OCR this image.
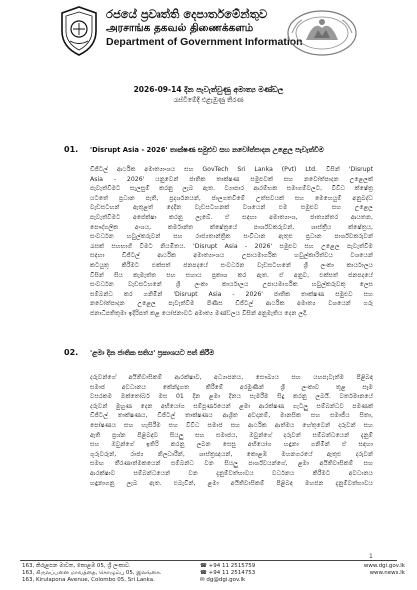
රජයේ ප්‍රවෘත්ති දෙපාර්තමේන්තුව
அரசாங்க தகவல் திணைக்களம்
Department of Government Information
2026-09-14 දින පැවැත්වුණු අමාත්‍ය මණ්ඩල
රැස්වීමේදී එළැඹුණු තීරණ
01. 'Disrupt Asia - 2026' තාක්ෂණ සමුළුව සහ නවෝත්පාදන උළෙල පැවැත්වීම
ඩිජිටල් ආර්ථික අමාත්‍යාංශය සහ GovTech Sri Lanka (Pvt) Ltd. විසින් 'Disrupt
Asia - 2026' යනුවෙන් ජාතික තාක්ෂණ සමුළුවක් සහ නවෝත්පාදන උළෙලක්
පැවැත්වීමට සැලසුම් කරනු ලැබ ඇත. ව්‍යාපාර ආරම්භක සමාගම්වලට, විවිධ ක්ෂේත්‍ර
යටතේ ප්‍රධාන පැති, ප්‍රදර්ශනයන්, ජාලගතවීමේ උත්සවයක් සහ මෙහෙයුම් අනුබද්ධ
වැඩසටහන් ඇතුළත් දෙදින වැඩසටහනක් වශයෙන් එම සමුළුව සහ උළෙල
පැවැත්වීමට අපේක්ෂා කරනු ලැබේ. ඒ සඳහා අමාත්‍යාංශ, ජාත්‍යන්තර ආයතන,
පෞද්ගලික අංශය, කර්මාන්ත ක්ෂේත්‍රයේ පාර්ශ්වකරුවන්, ශාස්ත්‍රීය ක්ෂේත්‍රය,
සංවර්ධන හවුල්කරුවන් සහ රාජ්‍යතාන්ත්‍රික සංවිධාන ඇතුළු ප්‍රධාන පාර්ශ්වකරුවන්
රැසක් සහභාගි වීමට නියමිතය. 'Disrupt Asia - 2026' සමුළුව සහ උළෙල පැවැත්වීම
සඳහා ඩිජිටල් ආර්ථික අමාත්‍යාංශය උපායමාර්ගික හවුල්කාරිත්වය වශයෙන්
කටයුතු කිරීමට එක්සත් ජනපදයේ සංවර්ධන වැඩසටහනේ ශ්‍රී ලංකා කාර්යාලය
විසින් සිය කැමැත්ත සහ සහාය ප්‍රකාශ කර ඇත. ඒ අනුව, එක්සත් ජනපදයේ
සංවර්ධන වැඩසටහනේ ශ්‍රී ලංකා කාර්යාලය උපායමාර්ගික හවුල්කරුවකු ලෙස
සම්බන්ධ කර ගනිමින් 'Disrupt Asia - 2026' ජාතික තාක්ෂණ සමුළුව සහ
නවෝත්පාදන උළෙල පැවැත්වීම පිණිස ඩිජිටල් ආර්ථික අමාත්‍ය වශයෙන් ගරු
ජනාධිපතිතුමා ඉදිරිපත් කළ යෝජනාවට අමාත්‍ය මණ්ඩලය විසින් අනුමැතිය දෙන ලදී.
02. 'ළමා දින ජාතික සතිය' ප්‍රකාශයට පත් කිරීම
දරුවන්ගේ අයිතිවාසිකම් ආරක්ෂාව, අධ්‍යාපනය, සෞඛ්‍යය සහ යහපැවැත්ම පිළිබඳ
සමාජ අවධානය කේන්ද්‍රගත කිරීමේ අරමුණින් ශ්‍රී ලංකාව තුළ සෑම
වසරකම ඔක්තෝබර් මස 01 දින ළමා දිනය සැමරීම සිදු කරනු ලබයි. වර්තමානයේ
දරුවන් මුහුණ දෙන අභියෝග සම්පූර්ණයෙන් ළමා ආරක්ෂණ ගැටලු සම්බන්ධව පමණක්
ඩිජිටල් තාක්ෂණය, ඩිජිටල් තාක්ෂණය ආශ්‍රිත අවදානම්, මානසික සහ සමාජීය සිතා,
පෝෂණය සහ හැසිරීම සහ විවිධ සමාජ සහ ආර්ථික ආත්මය හේතුවෙන් දරුවන් සහ
ඇති ප්‍රශ්න පිළිබඳව සියලු සහ සමාජය, ඔවුන්ගේ දරුවන් සම්බන්ධයෙන් දැනුම්
සහ ඔවුන්ගේ ඉතිරි කරනු ලබන සෙසු අභියෝග හඳුනා ගනිමින් ඒ සඳහා
ගුරුවරුන්, රාජ්‍ය නිලධාරීන්, ශාස්ත්‍රඥයන්, කොළඹ මහනගරයේ ඇතුළු දරුවන්
සමඟ තීරණාත්මකයෙන් සම්බන්ධ වන සියලු පාර්ශ්වයන්ගේ, ළමා අයිතිවාසිකම් සහ
ආරක්ෂාව සම්බන්ධයෙන් වන දැනුම්වත්භාවය වර්ධනය කිරීමට අවධානය
හඳුනාගනු ලැබ ඇත. එබැවින්, ළමා අයිතිවාසිකම් පිළිබඳ මහජන දැනුම්වත්භාවය
1
163, කිරුළපන මාවත, කොළඹ 05, ශ්‍රී ලංකාව.
163, கிருலப்பனை மாவத்தை, கொழும்பு 05, இலங்கை.
163, Kirulapona Avenue, Colombo 05, Sri Lanka.
☎ +94 11 2515759
☎ +94 11 2514753
✉ dg@dgi.gov.lk
www.dgi.gov.lk
www.news.lk
